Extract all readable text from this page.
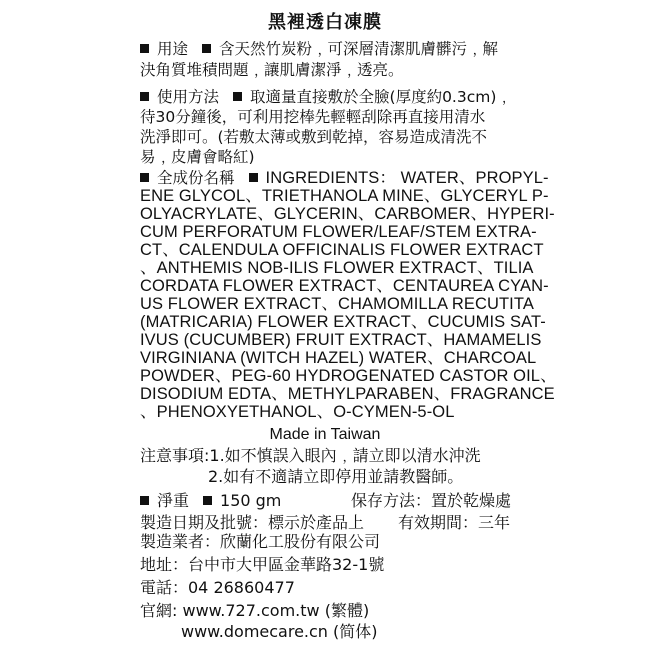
黑裡透白凍膜
用途 含天然竹炭粉﹐可深層清潔肌膚髒污﹐解
決角質堆積問題﹐讓肌膚潔淨﹐透亮。
使用方法 取適量直接敷於全臉(厚度約0.3cm)﹐
待30分鐘後，可利用挖棒先輕輕刮除再直接用清水
洗淨即可。(若敷太薄或敷到乾掉，容易造成清洗不
易﹐皮膚會略紅)
全成份名稱 INGREDIENTS： WATER、PROPYL-
ENE GLYCOL、TRIETHANOLA MINE、GLYCERYL P-
OLYACRYLATE、GLYCERIN、CARBOMER、HYPERI-
CUM PERFORATUM FLOWER/LEAF/STEM EXTRA-
CT、CALENDULA OFFICINALIS FLOWER EXTRACT
、ANTHEMIS NOB-ILIS FLOWER EXTRACT、TILIA
CORDATA FLOWER EXTRACT、CENTAUREA CYAN-
US FLOWER EXTRACT、CHAMOMILLA RECUTITA
(MATRICARIA) FLOWER EXTRACT、CUCUMIS SAT-
IVUS (CUCUMBER) FRUIT EXTRACT、HAMAMELIS
VIRGINIANA (WITCH HAZEL) WATER、CHARCOAL
POWDER、PEG-60 HYDROGENATED CASTOR OIL、
DISODIUM EDTA、METHYLPARABEN、FRAGRANCE
、PHENOXYETHANOL、O-CYMEN-5-OL
Made in Taiwan
注意事項:1.如不慎誤入眼內﹐請立即以清水沖洗
2.如有不適請立即停用並請教醫師。
淨重 150 gm	保存方法：置於乾燥處
製造日期及批號：標示於產品上 有效期間：三年
製造業者：欣蘭化工股份有限公司
地址：台中市大甲區金華路32-1號
電話：04 26860477
官網: www.727.com.tw (繁體)
www.domecare.cn (简体)
